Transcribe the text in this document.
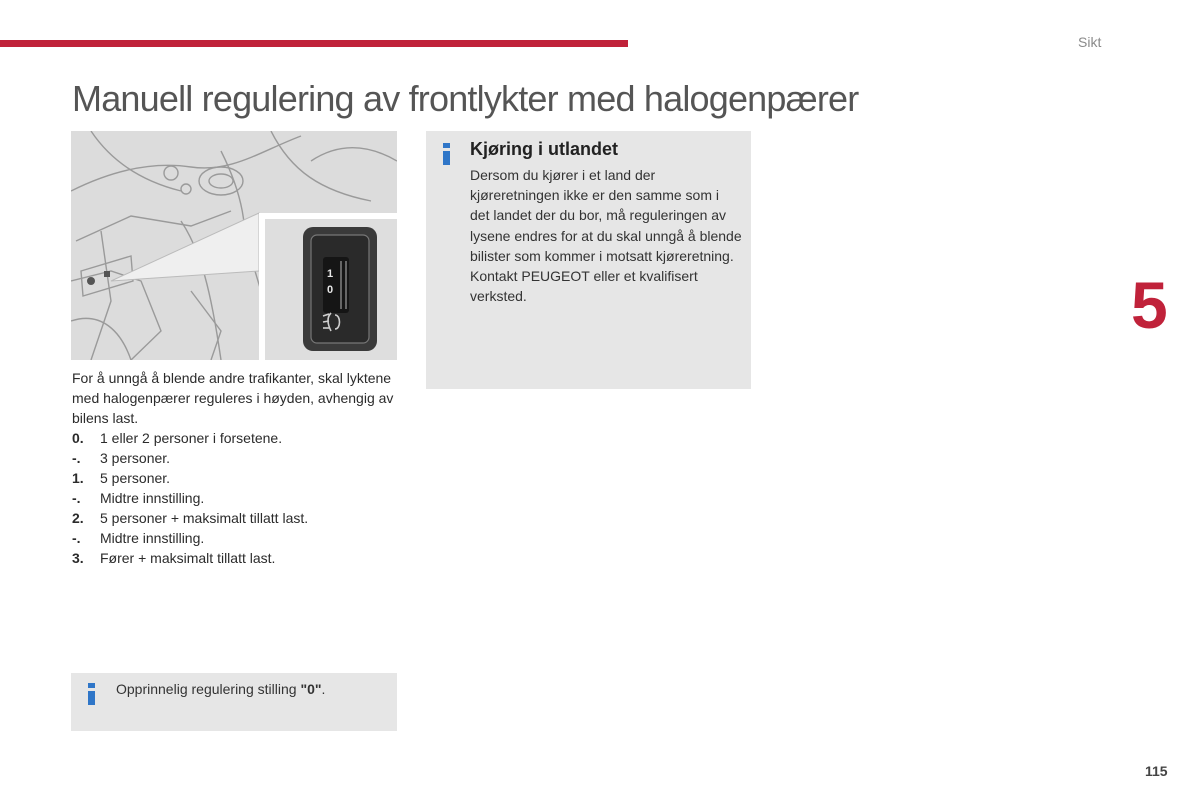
Sikt
Manuell regulering av frontlykter med halogenpærer
1
0

For å unngå å blende andre trafikanter, skal lyktene med halogenpærer reguleres i høyden, avhengig av bilens last.

0.	1 eller 2 personer i forsetene.
-.	3 personer.
1.	5 personer.
-.	Midtre innstilling.
2.	5 personer + maksimalt tillatt last.
-.	Midtre innstilling.
3.	Fører + maksimalt tillatt last.
Kjøring i utlandet
Dersom du kjører i et land der kjøreretningen ikke er den samme som i det landet der du bor, må reguleringen av lysene endres for at du skal unngå å blende bilister som kommer i motsatt kjøreretning.
Kontakt PEUGEOT eller et kvalifisert verksted.

Opprinnelig regulering stilling "0".

5
115
